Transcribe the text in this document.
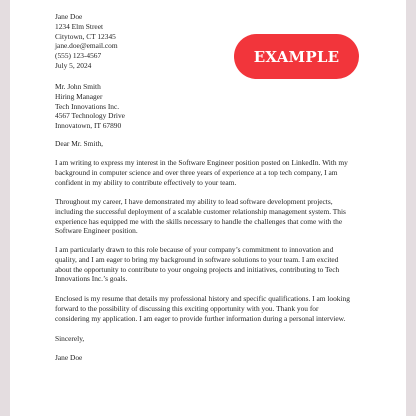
EXAMPLE
Jane Doe
1234 Elm Street
Citytown, CT 12345
jane.doe@email.com
(555) 123-4567
July 5, 2024
Mr. John Smith
Hiring Manager
Tech Innovations Inc.
4567 Technology Drive
Innovatown, IT 67890
Dear Mr. Smith,
I am writing to express my interest in the Software Engineer position posted on LinkedIn. With my
background in computer science and over three years of experience at a top tech company, I am
confident in my ability to contribute effectively to your team.
Throughout my career, I have demonstrated my ability to lead software development projects,
including the successful deployment of a scalable customer relationship management system. This
experience has equipped me with the skills necessary to handle the challenges that come with the
Software Engineer position.
I am particularly drawn to this role because of your company’s commitment to innovation and
quality, and I am eager to bring my background in software solutions to your team. I am excited
about the opportunity to contribute to your ongoing projects and initiatives, contributing to Tech
Innovations Inc.’s goals.
Enclosed is my resume that details my professional history and specific qualifications. I am looking
forward to the possibility of discussing this exciting opportunity with you. Thank you for
considering my application. I am eager to provide further information during a personal interview.
Sincerely,
Jane Doe
